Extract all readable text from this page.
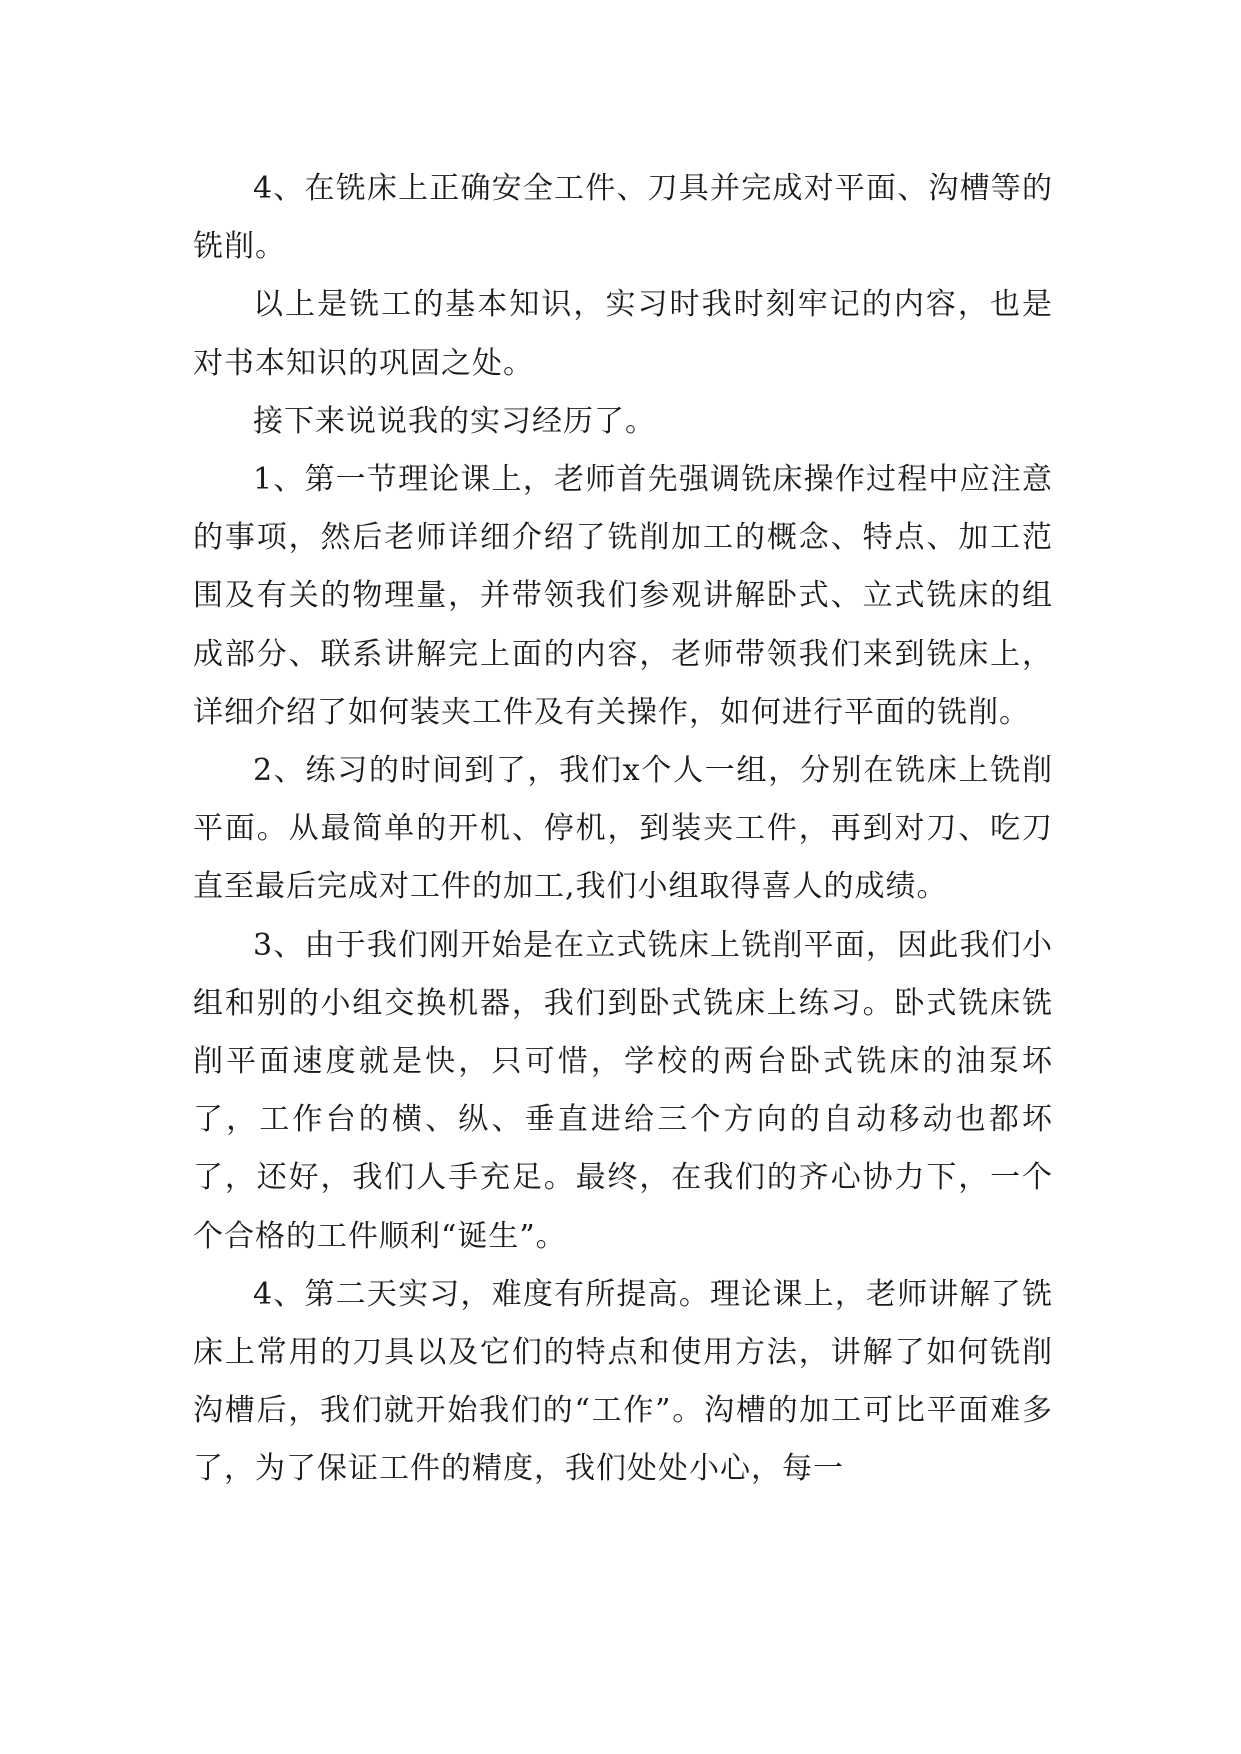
4、在铣床上正确安全工件、刀具并完成对平面、沟槽等的铣削。

以上是铣工的基本知识，实习时我时刻牢记的内容，也是对书本知识的巩固之处。

接下来说说我的实习经历了。

1、第一节理论课上，老师首先强调铣床操作过程中应注意的事项，然后老师详细介绍了铣削加工的概念、特点、加工范围及有关的物理量，并带领我们参观讲解卧式、立式铣床的组成部分、联系讲解完上面的内容，老师带领我们来到铣床上，详细介绍了如何装夹工件及有关操作，如何进行平面的铣削。

2、练习的时间到了，我们x个人一组，分别在铣床上铣削平面。从最简单的开机、停机，到装夹工件，再到对刀、吃刀直至最后完成对工件的加工,我们小组取得喜人的成绩。

3、由于我们刚开始是在立式铣床上铣削平面，因此我们小组和别的小组交换机器，我们到卧式铣床上练习。卧式铣床铣削平面速度就是快，只可惜，学校的两台卧式铣床的油泵坏了，工作台的横、纵、垂直进给三个方向的自动移动也都坏了，还好，我们人手充足。最终，在我们的齐心协力下，一个个合格的工件顺利“诞生”。

4、第二天实习，难度有所提高。理论课上，老师讲解了铣床上常用的刀具以及它们的特点和使用方法，讲解了如何铣削沟槽后，我们就开始我们的“工作”。沟槽的加工可比平面难多了，为了保证工件的精度，我们处处小心，每一
